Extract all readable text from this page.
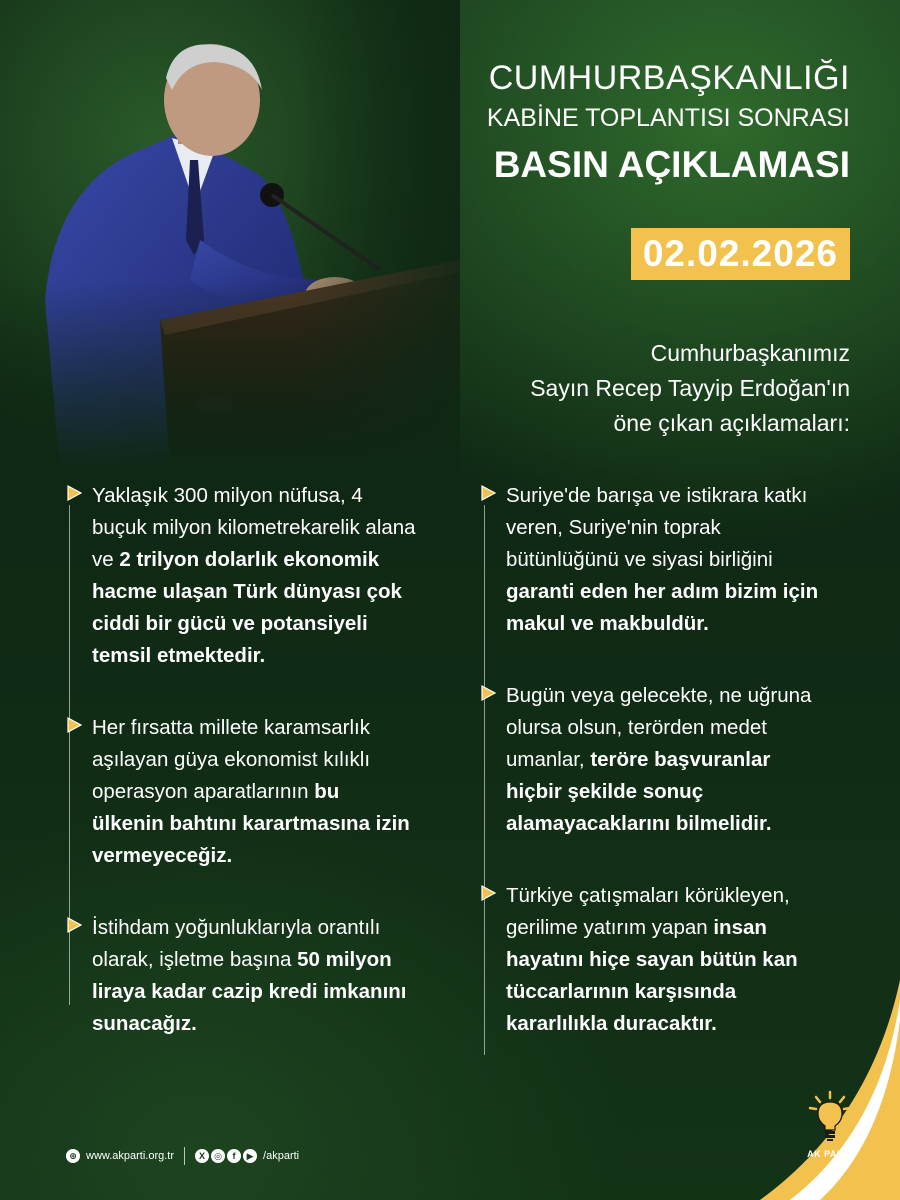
CUMHURBAŞKANLIĞI
KABİNE TOPLANTISI SONRASI
BASIN AÇIKLAMASI
02.02.2026
Cumhurbaşkanımız
Sayın Recep Tayyip Erdoğan'ın
öne çıkan açıklamaları:
Yaklaşık 300 milyon nüfusa, 4 buçuk milyon kilometrekarelik alana ve 2 trilyon dolarlık ekonomik hacme ulaşan Türk dünyası çok ciddi bir gücü ve potansiyeli temsil etmektedir.
Her fırsatta millete karamsarlık aşılayan güya ekonomist kılıklı operasyon aparatlarının bu ülkenin bahtını karartmasına izin vermeyeceğiz.
İstihdam yoğunluklarıyla orantılı olarak, işletme başına 50 milyon liraya kadar cazip kredi imkanını sunacağız.
Suriye'de barışa ve istikrara katkı veren, Suriye'nin toprak bütünlüğünü ve siyasi birliğini garanti eden her adım bizim için makul ve makbuldür.
Bugün veya gelecekte, ne uğruna olursa olsun, terörden medet umanlar, teröre başvuranlar hiçbir şekilde sonuç alamayacaklarını bilmelidir.
Türkiye çatışmaları körükleyen, gerilime yatırım yapan insan hayatını hiçe sayan bütün kan tüccarlarının karşısında kararlılıkla duracaktır.
AK PARTİ
⊕ www.akparti.org.tr	X	◎	f	▶ /akparti
